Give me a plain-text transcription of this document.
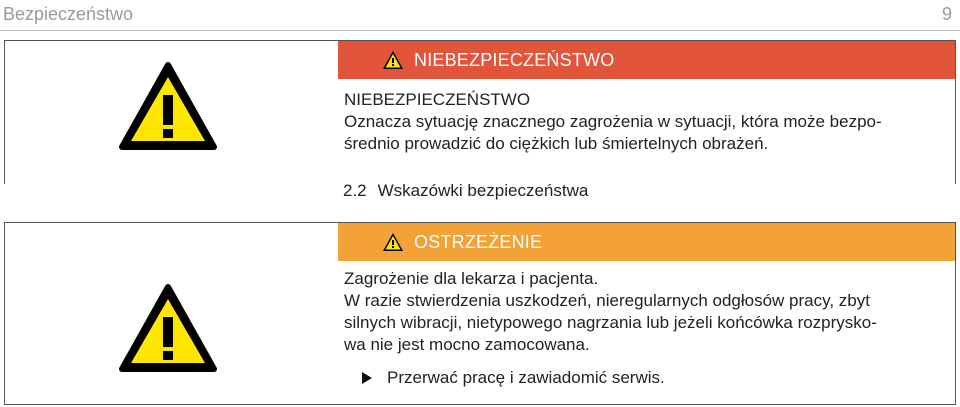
Bezpieczeństwo	9
NIEBEZPIECZEŃSTWO
NIEBEZPIECZEŃSTWO
Oznacza sytuację znacznego zagrożenia w sytuacji, która może bezpo-
średnio prowadzić do ciężkich lub śmiertelnych obrażeń.
2.2 Wskazówki bezpieczeństwa
OSTRZEŻENIE
Zagrożenie dla lekarza i pacjenta.
W razie stwierdzenia uszkodzeń, nieregularnych odgłosów pracy, zbyt
silnych wibracji, nietypowego nagrzania lub jeżeli końcówka rozprysko-
wa nie jest mocno zamocowana.
Przerwać pracę i zawiadomić serwis.
